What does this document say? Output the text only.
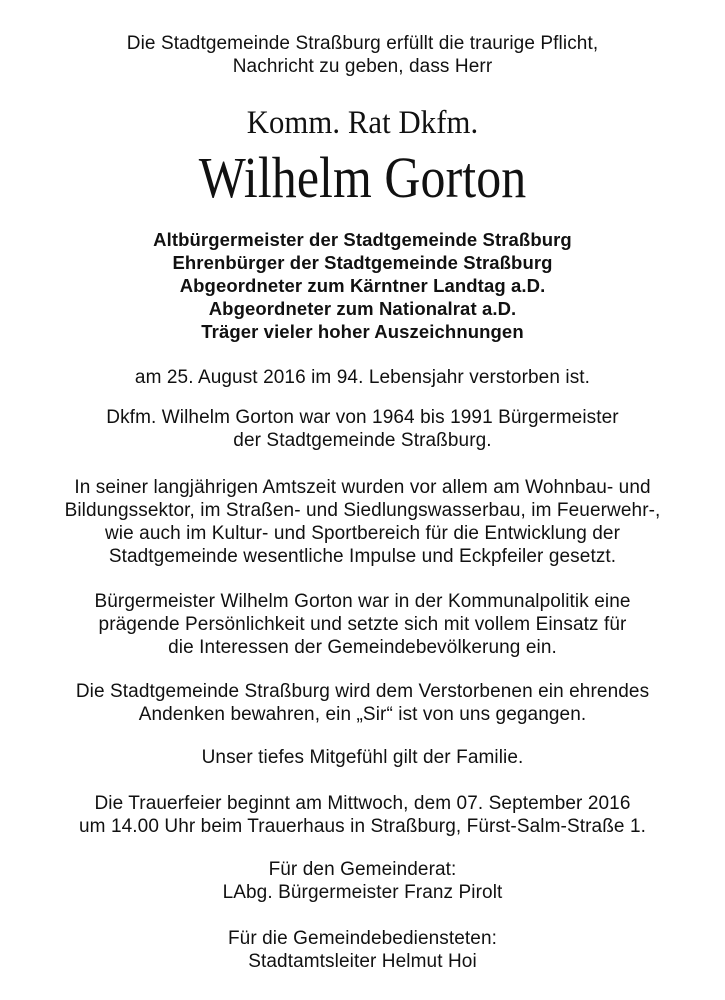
Die Stadtgemeinde Straßburg erfüllt die traurige Pflicht,
Nachricht zu geben, dass Herr
Komm. Rat Dkfm.
Wilhelm Gorton
Altbürgermeister der Stadtgemeinde Straßburg
Ehrenbürger der Stadtgemeinde Straßburg
Abgeordneter zum Kärntner Landtag a.D.
Abgeordneter zum Nationalrat a.D.
Träger vieler hoher Auszeichnungen
am 25. August 2016 im 94. Lebensjahr verstorben ist.
Dkfm. Wilhelm Gorton war von 1964 bis 1991 Bürgermeister
der Stadtgemeinde Straßburg.
In seiner langjährigen Amtszeit wurden vor allem am Wohnbau- und
Bildungssektor, im Straßen- und Siedlungswasserbau, im Feuerwehr-,
wie auch im Kultur- und Sportbereich für die Entwicklung der
Stadtgemeinde wesentliche Impulse und Eckpfeiler gesetzt.
Bürgermeister Wilhelm Gorton war in der Kommunalpolitik eine
prägende Persönlichkeit und setzte sich mit vollem Einsatz für
die Interessen der Gemeindebevölkerung ein.
Die Stadtgemeinde Straßburg wird dem Verstorbenen ein ehrendes
Andenken bewahren, ein „Sir“ ist von uns gegangen.
Unser tiefes Mitgefühl gilt der Familie.
Die Trauerfeier beginnt am Mittwoch, dem 07. September 2016
um 14.00 Uhr beim Trauerhaus in Straßburg, Fürst-Salm-Straße 1.
Für den Gemeinderat:
LAbg. Bürgermeister Franz Pirolt
Für die Gemeindebediensteten:
Stadtamtsleiter Helmut Hoi
